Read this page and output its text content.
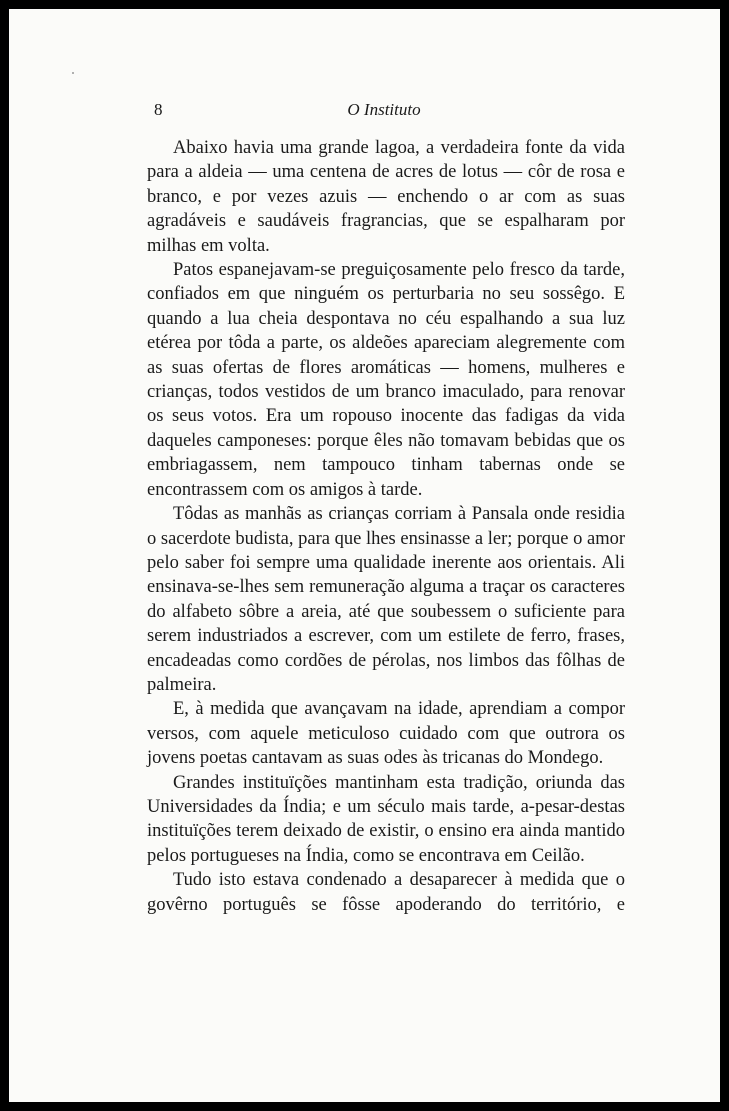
8	O Instituto

Abaixo havia uma grande lagoa, a verdadeira fonte da vida para a aldeia — uma centena de acres de lotus — côr de rosa e branco, e por vezes azuis — enchendo o ar com as suas agradáveis e saudáveis fragrancias, que se espalharam por milhas em volta.

Patos espanejavam-se preguiçosamente pelo fresco da tarde, confiados em que ninguém os perturbaria no seu sossêgo. E quando a lua cheia despontava no céu espalhando a sua luz etérea por tôda a parte, os aldeões apareciam alegremente com as suas ofertas de flores aromáticas — homens, mulheres e crianças, todos vestidos de um branco imaculado, para renovar os seus votos. Era um ropouso inocente das fadigas da vida daqueles camponeses: porque êles não tomavam bebidas que os embriagassem, nem tampouco tinham tabernas onde se encontrassem com os amigos à tarde.

Tôdas as manhãs as crianças corriam à Pansala onde residia o sacerdote budista, para que lhes ensinasse a ler; porque o amor pelo saber foi sempre uma qualidade inerente aos orientais. Ali ensinava-se-lhes sem remuneração alguma a traçar os caracteres do alfabeto sôbre a areia, até que soubessem o suficiente para serem industriados a escrever, com um estilete de ferro, frases, encadeadas como cordões de pérolas, nos limbos das fôlhas de palmeira.

E, à medida que avançavam na idade, aprendiam a compor versos, com aquele meticuloso cuidado com que outrora os jovens poetas cantavam as suas odes às tricanas do Mondego.

Grandes instituïções mantinham esta tradição, oriunda das Universidades da Índia; e um século mais tarde, a-pesar-destas instituïções terem deixado de existir, o ensino era ainda mantido pelos portugueses na Índia, como se encontrava em Ceilão.

Tudo isto estava condenado a desaparecer à medida que o govêrno português se fôsse apoderando do território, e
